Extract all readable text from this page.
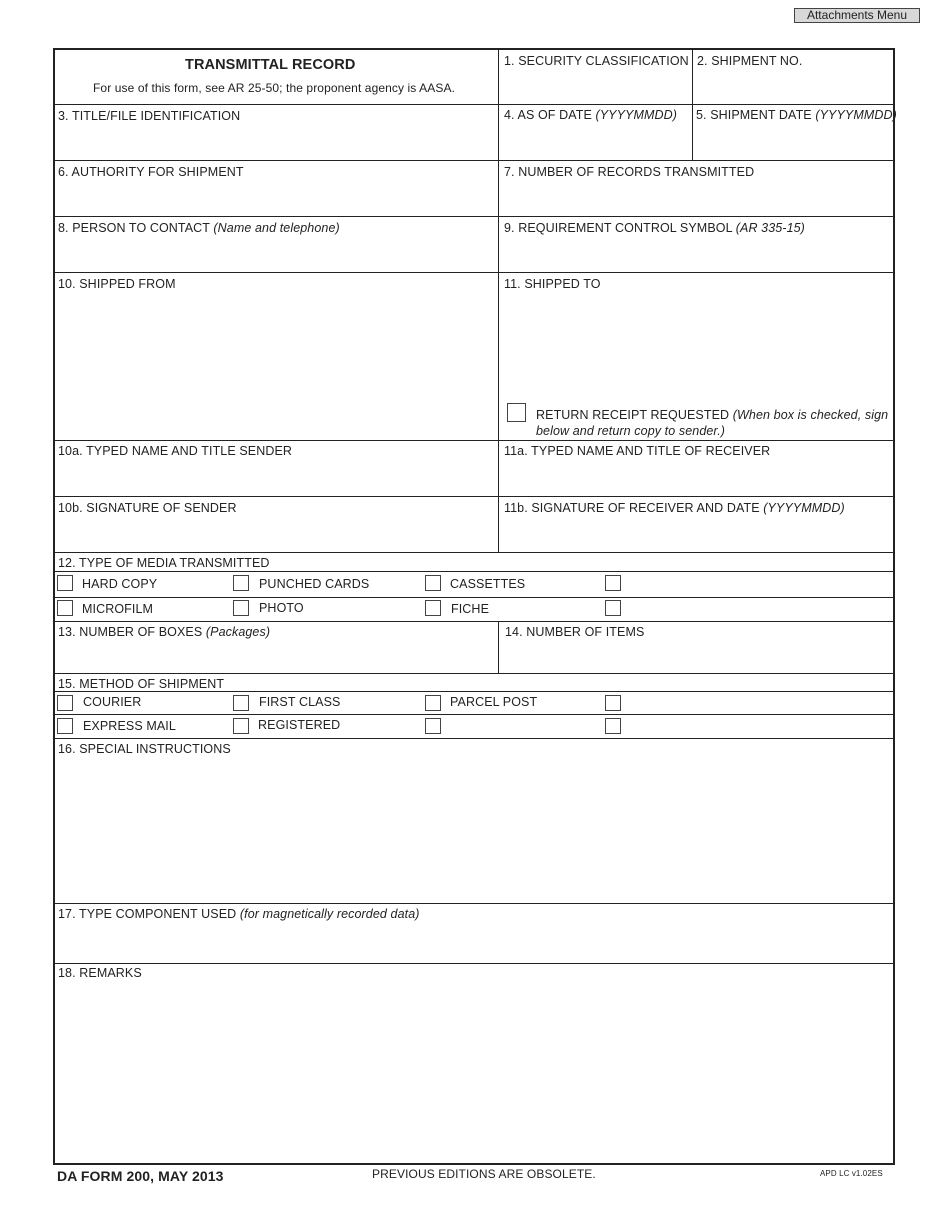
Attachments Menu
TRANSMITTAL RECORD
For use of this form, see AR 25-50; the proponent agency is AASA.
1. SECURITY CLASSIFICATION 2. SHIPMENT NO.
3. TITLE/FILE IDENTIFICATION	4. AS OF DATE (YYYYMMDD) 5. SHIPMENT DATE (YYYYMMDD)
6. AUTHORITY FOR SHIPMENT	7. NUMBER OF RECORDS TRANSMITTED
8. PERSON TO CONTACT (Name and telephone)	9. REQUIREMENT CONTROL SYMBOL (AR 335-15)
10. SHIPPED FROM	11. SHIPPED TO
RETURN RECEIPT REQUESTED (When box is checked, sign
below and return copy to sender.)
10a. TYPED NAME AND TITLE SENDER	11a. TYPED NAME AND TITLE OF RECEIVER
10b. SIGNATURE OF SENDER	11b. SIGNATURE OF RECEIVER AND DATE (YYYYMMDD)
12. TYPE OF MEDIA TRANSMITTED
HARD COPY	PUNCHED CARDS	CASSETTES
MICROFILM	PHOTO	FICHE
13. NUMBER OF BOXES (Packages)	14. NUMBER OF ITEMS
15. METHOD OF SHIPMENT
COURIER	FIRST CLASS	PARCEL POST
EXPRESS MAIL	REGISTERED
16. SPECIAL INSTRUCTIONS
17. TYPE COMPONENT USED (for magnetically recorded data)
18. REMARKS
DA FORM 200, MAY 2013	PREVIOUS EDITIONS ARE OBSOLETE.	APD LC v1.02ES
